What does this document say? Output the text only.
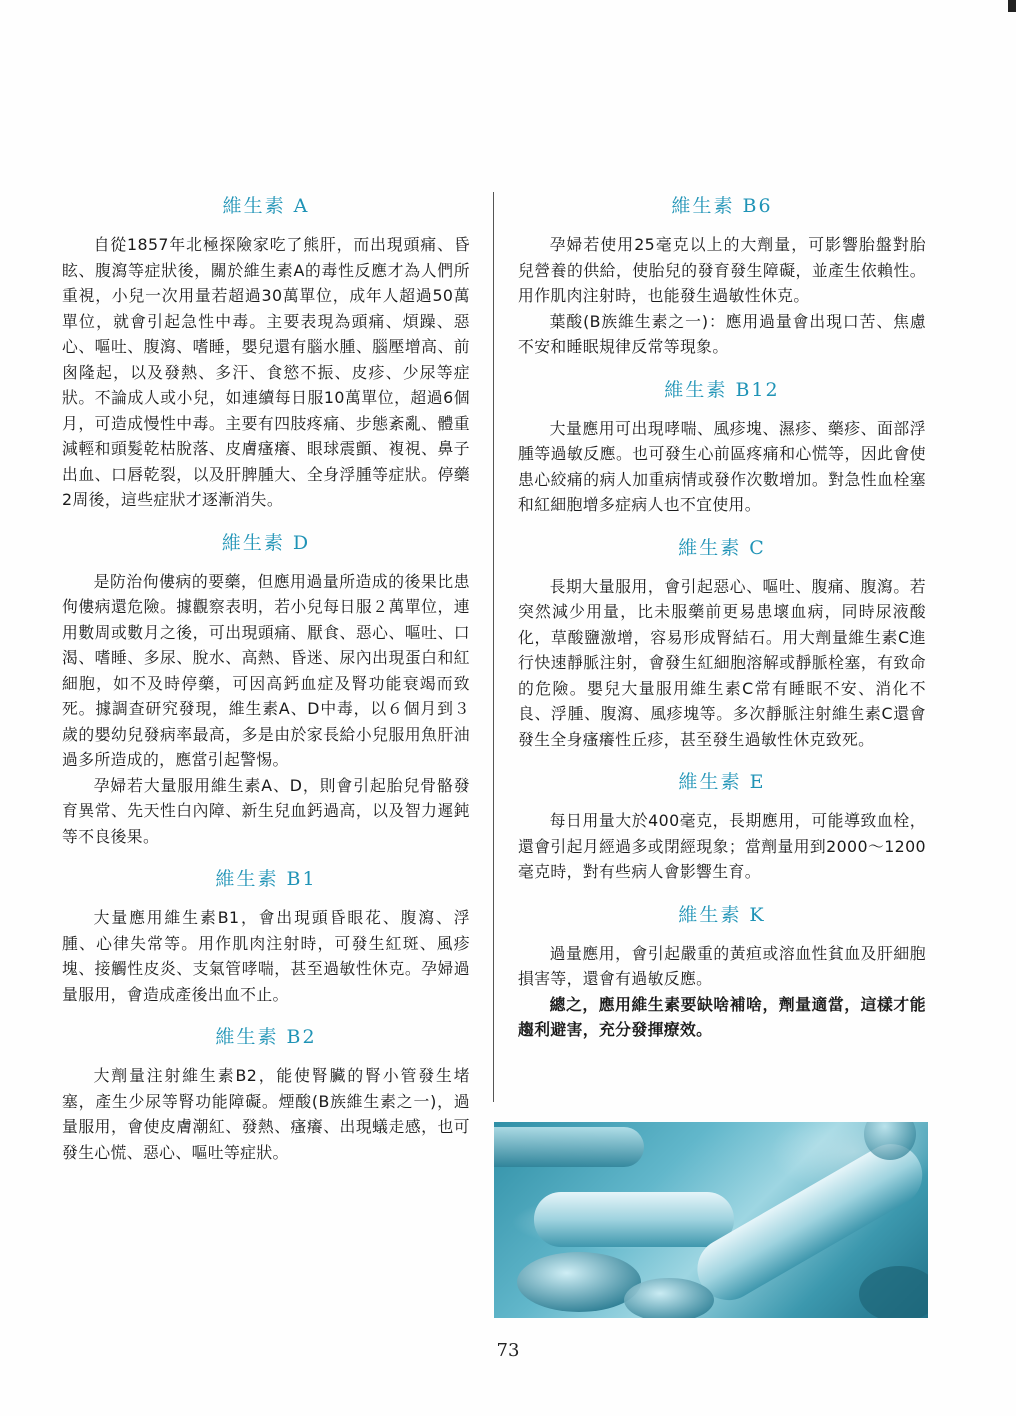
維生素 A

自從1857年北極探險家吃了熊肝，而出現頭痛、昏眩、腹瀉等症狀後，關於維生素A的毒性反應才為人們所重視，小兒一次用量若超過30萬單位，成年人超過50萬單位，就會引起急性中毒。主要表現為頭痛、煩躁、惡心、嘔吐、腹瀉、嗜睡，嬰兒還有腦水腫、腦壓增高、前囪隆起，以及發熱、多汗、食慾不振、皮疹、少尿等症狀。不論成人或小兒，如連續每日服10萬單位，超過6個月，可造成慢性中毒。主要有四肢疼痛、步態紊亂、體重減輕和頭髮乾枯脫落、皮膚瘙癢、眼球震顫、複視、鼻子出血、口唇乾裂，以及肝脾腫大、全身浮腫等症狀。停藥2周後，這些症狀才逐漸消失。

維生素 D

是防治佝僂病的要藥，但應用過量所造成的後果比患佝僂病還危險。據觀察表明，若小兒每日服２萬單位，連用數周或數月之後，可出現頭痛、厭食、惡心、嘔吐、口渴、嗜睡、多尿、脫水、高熱、昏迷、尿內出現蛋白和紅細胞，如不及時停藥，可因高鈣血症及腎功能衰竭而致死。據調查研究發現，維生素A、D中毒，以６個月到３歲的嬰幼兒發病率最高，多是由於家長給小兒服用魚肝油過多所造成的，應當引起警惕。

孕婦若大量服用維生素A、D，則會引起胎兒骨骼發育異常、先天性白內障、新生兒血鈣過高，以及智力遲鈍等不良後果。

維生素 B1

大量應用維生素B1，會出現頭昏眼花、腹瀉、浮腫、心律失常等。用作肌肉注射時，可發生紅斑、風疹塊、接觸性皮炎、支氣管哮喘，甚至過敏性休克。孕婦過量服用，會造成產後出血不止。

維生素 B2

大劑量注射維生素B2，能使腎臟的腎小管發生堵塞，產生少尿等腎功能障礙。煙酸(B族維生素之一)，過量服用，會使皮膚潮紅、發熱、瘙癢、出現蟻走感，也可發生心慌、惡心、嘔吐等症狀。

維生素 B6

孕婦若使用25毫克以上的大劑量，可影響胎盤對胎兒營養的供給，使胎兒的發育發生障礙，並產生依賴性。用作肌肉注射時，也能發生過敏性休克。

葉酸(B族維生素之一)：應用過量會出現口苦、焦慮不安和睡眠規律反常等現象。

維生素 B12

大量應用可出現哮喘、風疹塊、濕疹、藥疹、面部浮腫等過敏反應。也可發生心前區疼痛和心慌等，因此會使患心絞痛的病人加重病情或發作次數增加。對急性血栓塞和紅細胞增多症病人也不宜使用。

維生素 C

長期大量服用，會引起惡心、嘔吐、腹痛、腹瀉。若突然減少用量，比未服藥前更易患壞血病，同時尿液酸化，草酸鹽激增，容易形成腎結石。用大劑量維生素C進行快速靜脈注射，會發生紅細胞溶解或靜脈栓塞，有致命的危險。嬰兒大量服用維生素C常有睡眠不安、消化不良、浮腫、腹瀉、風疹塊等。多次靜脈注射維生素C還會發生全身瘙癢性丘疹，甚至發生過敏性休克致死。

維生素 E

每日用量大於400毫克，長期應用，可能導致血栓，還會引起月經過多或閉經現象；當劑量用到2000～1200毫克時，對有些病人會影響生育。

維生素 K

過量應用，會引起嚴重的黃疸或溶血性貧血及肝細胞損害等，還會有過敏反應。

總之，應用維生素要缺啥補啥，劑量適當，這樣才能趨利避害，充分發揮療效。

73
